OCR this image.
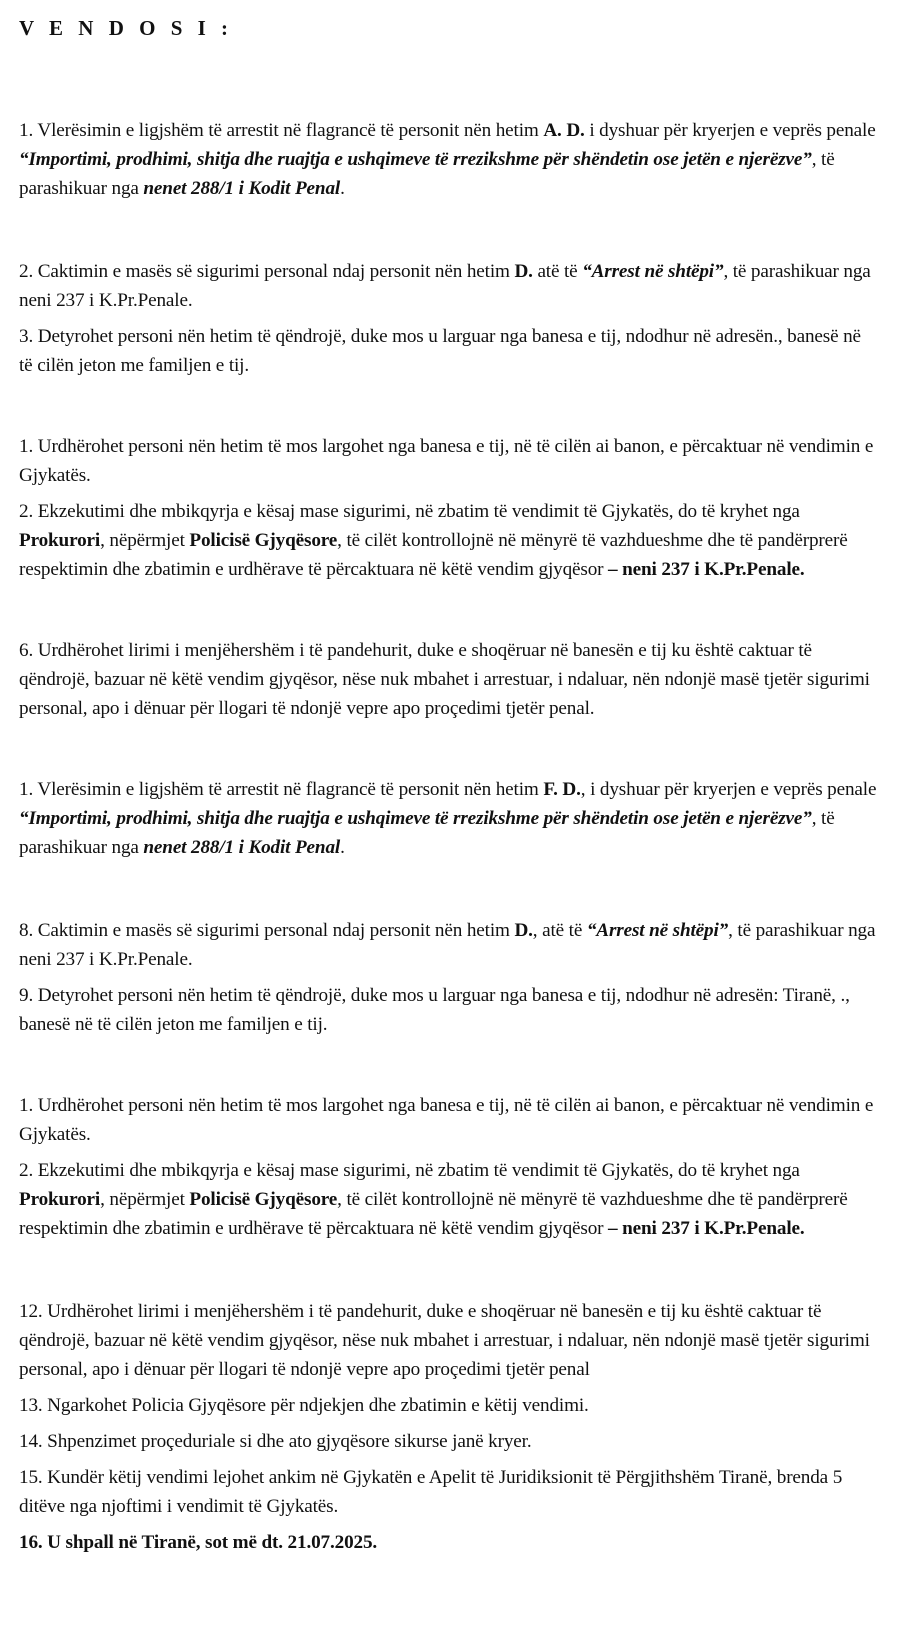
V E N D O S I :

1. Vlerësimin e ligjshëm të arrestit në flagrancë të personit nën hetim A. D. i dyshuar për kryerjen e veprës penale “Importimi, prodhimi, shitja dhe ruajtja e ushqimeve të rrezikshme për shëndetin ose jetën e njerëzve”, të parashikuar nga nenet 288/1 i Kodit Penal.

2. Caktimin e masës së sigurimi personal ndaj personit nën hetim D. atë të “Arrest në shtëpi”, të parashikuar nga neni 237 i K.Pr.Penale.

3. Detyrohet personi nën hetim të qëndrojë, duke mos u larguar nga banesa e tij, ndodhur në adresën., banesë në të cilën jeton me familjen e tij.

1. Urdhërohet personi nën hetim të mos largohet nga banesa e tij, në të cilën ai banon, e përcaktuar në vendimin e Gjykatës.

2. Ekzekutimi dhe mbikqyrja e kësaj mase sigurimi, në zbatim të vendimit të Gjykatës, do të kryhet nga Prokurori, nëpërmjet Policisë Gjyqësore, të cilët kontrollojnë në mënyrë të vazhdueshme dhe të pandërprerë respektimin dhe zbatimin e urdhërave të përcaktuara në këtë vendim gjyqësor – neni 237 i K.Pr.Penale.

6. Urdhërohet lirimi i menjëhershëm i të pandehurit, duke e shoqëruar në banesën e tij ku është caktuar të qëndrojë, bazuar në këtë vendim gjyqësor, nëse nuk mbahet i arrestuar, i ndaluar, nën ndonjë masë tjetër sigurimi personal, apo i dënuar për llogari të ndonjë vepre apo proçedimi tjetër penal.

1. Vlerësimin e ligjshëm të arrestit në flagrancë të personit nën hetim F. D., i dyshuar për kryerjen e veprës penale “Importimi, prodhimi, shitja dhe ruajtja e ushqimeve të rrezikshme për shëndetin ose jetën e njerëzve”, të parashikuar nga nenet 288/1 i Kodit Penal.

8. Caktimin e masës së sigurimi personal ndaj personit nën hetim D., atë të “Arrest në shtëpi”, të parashikuar nga neni 237 i K.Pr.Penale.

9. Detyrohet personi nën hetim të qëndrojë, duke mos u larguar nga banesa e tij, ndodhur në adresën: Tiranë, ., banesë në të cilën jeton me familjen e tij.

1. Urdhërohet personi nën hetim të mos largohet nga banesa e tij, në të cilën ai banon, e përcaktuar në vendimin e Gjykatës.

2. Ekzekutimi dhe mbikqyrja e kësaj mase sigurimi, në zbatim të vendimit të Gjykatës, do të kryhet nga Prokurori, nëpërmjet Policisë Gjyqësore, të cilët kontrollojnë në mënyrë të vazhdueshme dhe të pandërprerë respektimin dhe zbatimin e urdhërave të përcaktuara në këtë vendim gjyqësor – neni 237 i K.Pr.Penale.

12. Urdhërohet lirimi i menjëhershëm i të pandehurit, duke e shoqëruar në banesën e tij ku është caktuar të qëndrojë, bazuar në këtë vendim gjyqësor, nëse nuk mbahet i arrestuar, i ndaluar, nën ndonjë masë tjetër sigurimi personal, apo i dënuar për llogari të ndonjë vepre apo proçedimi tjetër penal

13. Ngarkohet Policia Gjyqësore për ndjekjen dhe zbatimin e këtij vendimi.

14. Shpenzimet proçeduriale si dhe ato gjyqësore sikurse janë kryer.

15. Kundër këtij vendimi lejohet ankim në Gjykatën e Apelit të Juridiksionit të Përgjithshëm Tiranë, brenda 5 ditëve nga njoftimi i vendimit të Gjykatës.

16. U shpall në Tiranë, sot më dt. 21.07.2025.
